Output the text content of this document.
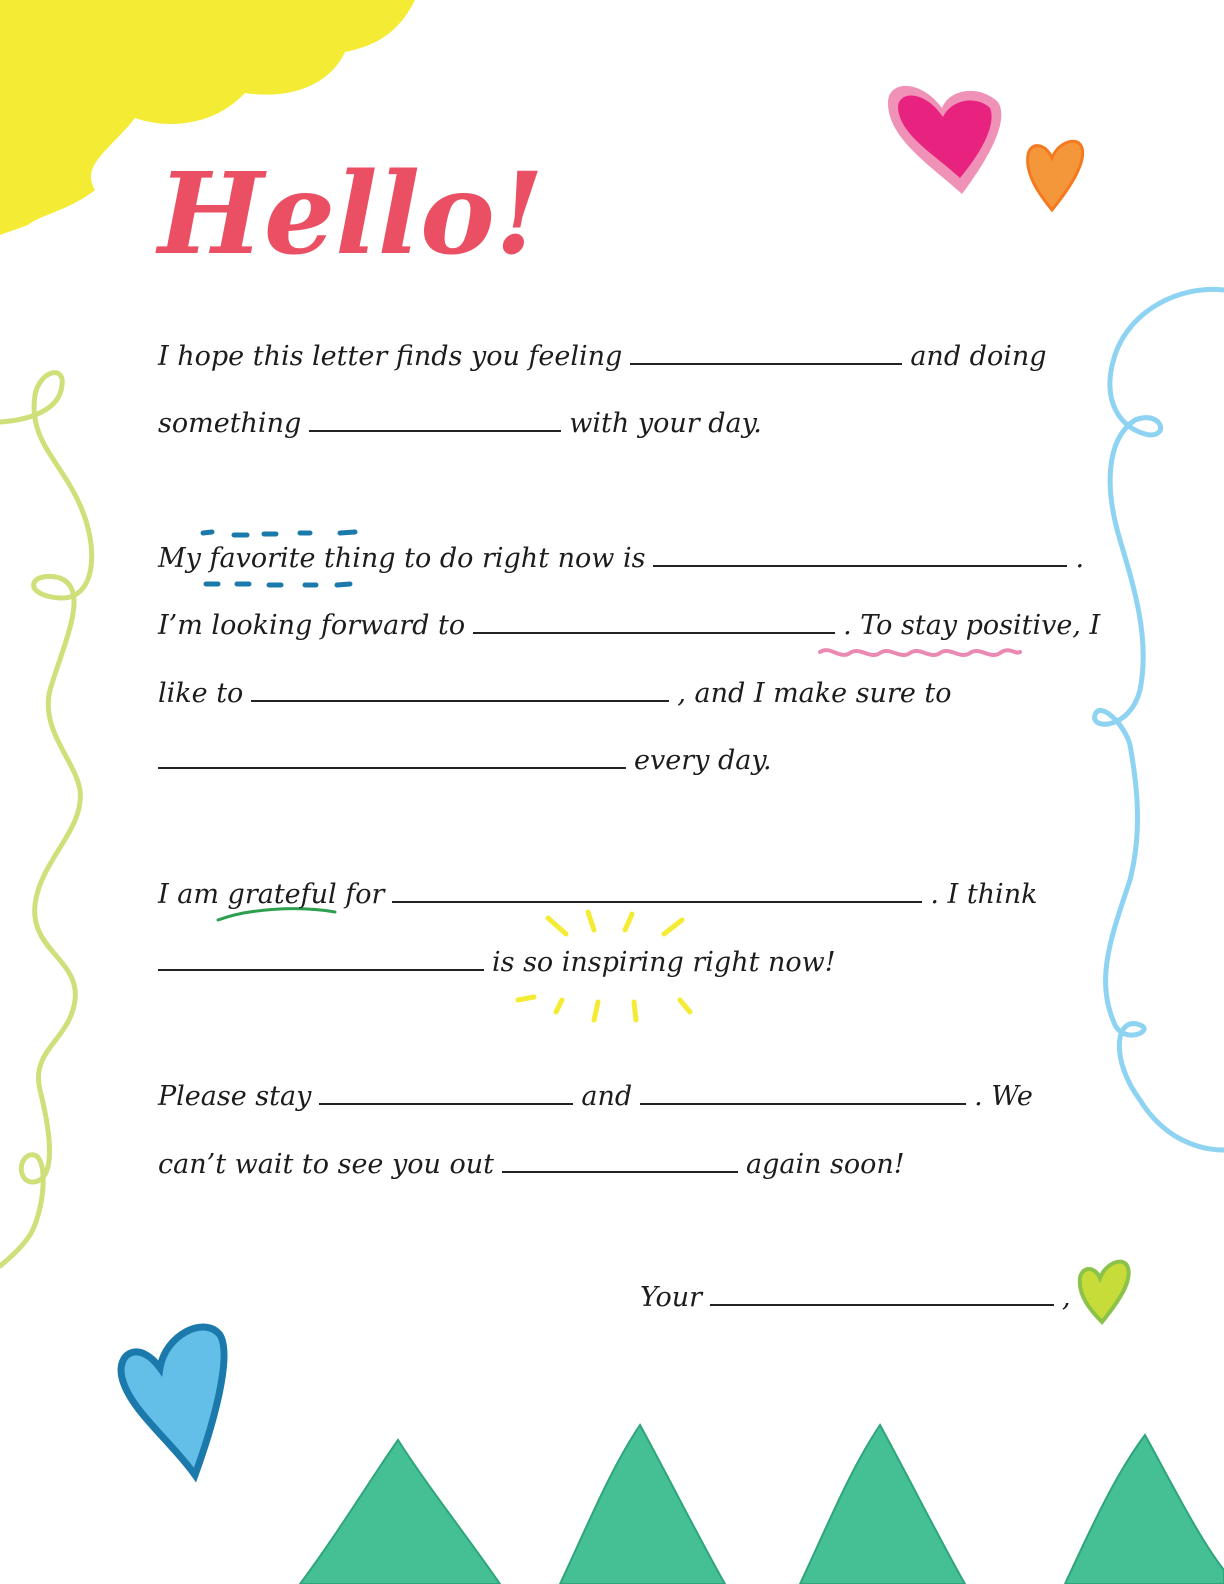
Hello!
I hope this letter finds you feeling	and doing
something	with your day.
My favorite thing to do right now is	.
I’m looking forward to	. To stay positive, I
like to	, and I make sure to
every day.
I am grateful for	. I think
is so inspiring right now!
Please stay	and	. We
can’t wait to see you out	again soon!
Your	,
